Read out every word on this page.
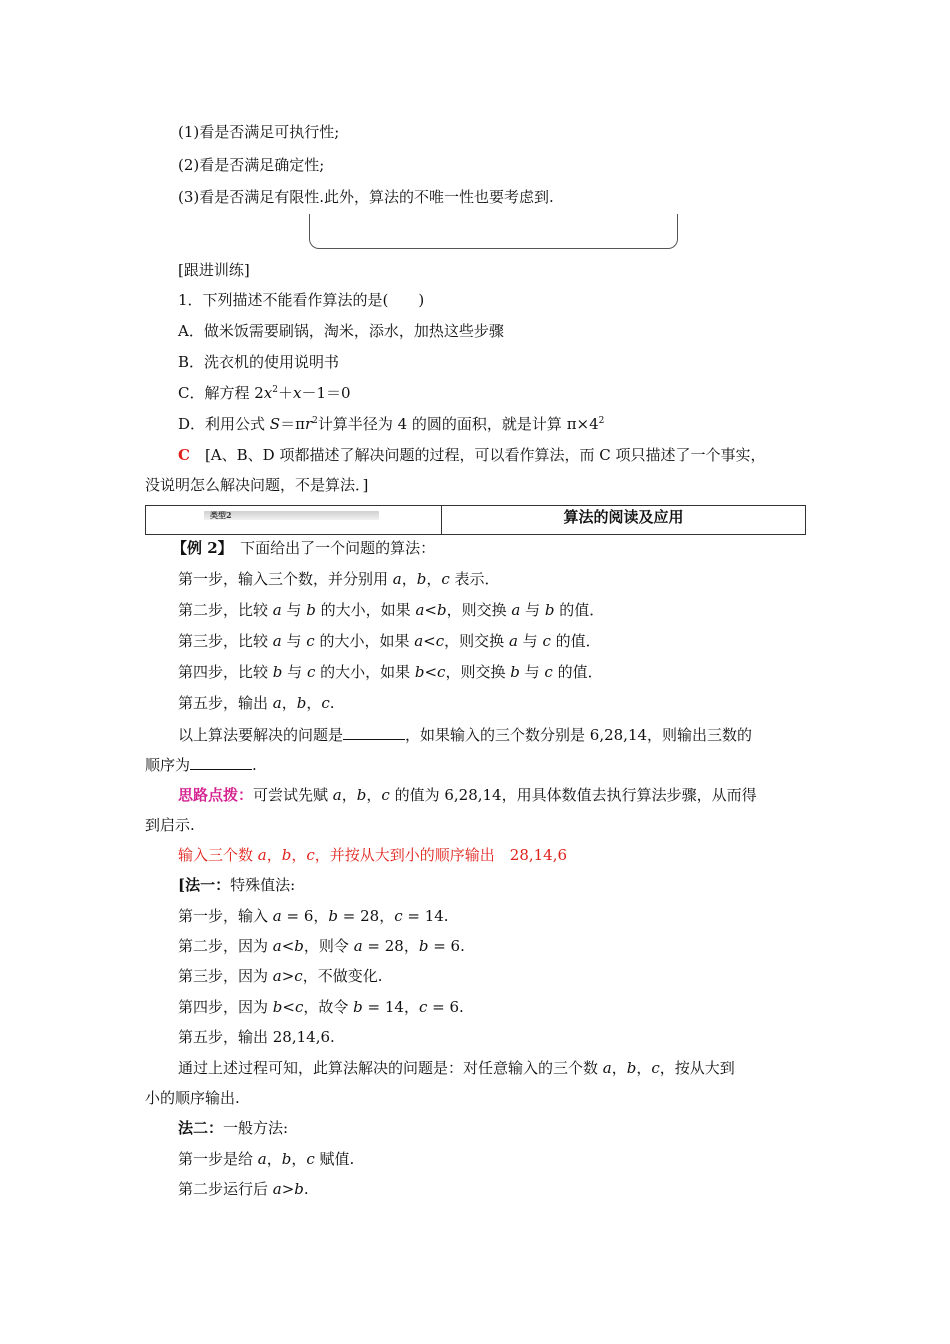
(1)看是否满足可执行性;
(2)看是否满足确定性;
(3)看是否满足有限性.此外，算法的不唯一性也要考虑到.
[跟进训练]
1．下列描述不能看作算法的是(　　)
A．做米饭需要刷锅，淘米，添水，加热这些步骤
B．洗衣机的使用说明书
C．解方程 $2x^2+x-1=0$
D．利用公式 $S=\pi r^2$计算半径为 4 的圆的面积，就是计算 $\pi\times 4^2$
C　[A、B、D 项都描述了解决问题的过程，可以看作算法，而 C 项只描述了一个事实，
没说明怎么解决问题，不是算法．]
类型2	算法的阅读及应用
【例 2】　下面给出了一个问题的算法：
第一步，输入三个数，并分别用 a，b，c 表示．
第二步，比较 a 与 b 的大小，如果 a<b，则交换 a 与 b 的值．
第三步，比较 a 与 c 的大小，如果 a<c，则交换 a 与 c 的值．
第四步，比较 b 与 c 的大小，如果 b<c，则交换 b 与 c 的值．
第五步，输出 a，b，c.
以上算法要解决的问题是	，如果输入的三个数分别是 6,28,14，则输出三数的
顺序为	.
思路点拨：可尝试先赋 a，b，c 的值为 6,28,14，用具体数值去执行算法步骤，从而得
到启示.
输入三个数 a，b，c，并按从大到小的顺序输出　28,14,6
[法一：特殊值法:
第一步，输入 a = 6，b = 28，c = 14.
第二步，因为 a<b，则令 a = 28，b = 6.
第三步，因为 a>c，不做变化.
第四步，因为 b<c，故令 b = 14，c = 6.
第五步，输出 28,14,6.
通过上述过程可知，此算法解决的问题是：对任意输入的三个数 a，b，c，按从大到
小的顺序输出.
法二：一般方法:
第一步是给 a，b，c 赋值.
第二步运行后 a>b.
